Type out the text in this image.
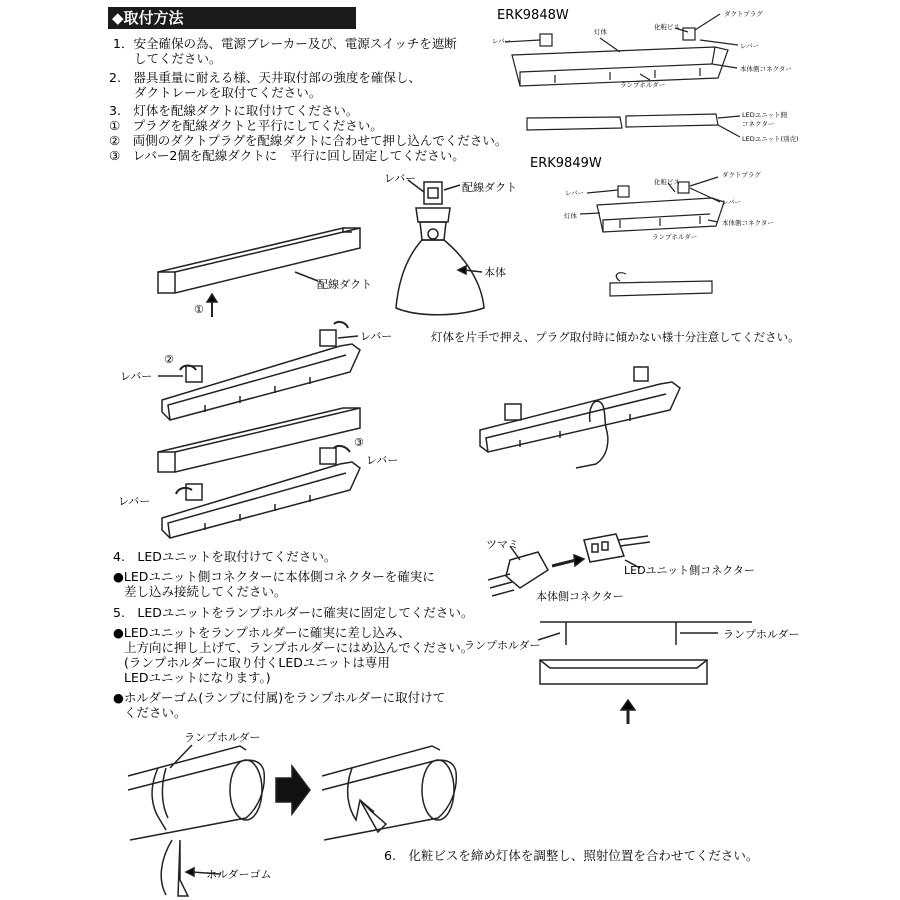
◆取付方法
1．安全確保の為、電源ブレーカー及び、電源スイッチを遮断
してください。
2.　器具重量に耐える様、天井取付部の強度を確保し、
ダクトレールを取付てください。
3.　灯体を配線ダクトに取付けてください。
①　プラグを配線ダクトと平行にしてください。
②　両側のダクトプラグを配線ダクトに合わせて押し込んでください。
③　レバー2個を配線ダクトに　平行に回し固定してください。
ERK9848W
ERK9849W
レバー
灯体
化粧ビス
ダクトプラグ
レバー
本体側コネクター
ランプホルダー
LEDユニット側
コネクター
LEDユニット(別売)
レバー
化粧ビス
ダクトプラグ
レバー
灯体
本体側コネクター
ランプホルダー
レバー
配線ダクト
本体
配線ダクト
①
②
レバー
レバー
③
レバー
レバー
灯体を片手で押え、プラグ取付時に傾かない様十分注意してください。
4.　LEDユニットを取付けてください。
●LEDユニット側コネクターに本体側コネクターを確実に
差し込み接続してください。
ツマミ
LEDユニット側コネクター
本体側コネクター
5.　LEDユニットをランプホルダーに確実に固定してください。
●LEDユニットをランプホルダーに確実に差し込み、
上方向に押し上げて、ランプホルダーにはめ込んでください。
(ランプホルダーに取り付くLEDユニットは専用
LEDユニットになります。)
●ホルダーゴム(ランプに付属)をランプホルダーに取付けて
ください。
ランプホルダー
ランプホルダー
ランプホルダー
ホルダーゴム
6.　化粧ビスを締め灯体を調整し、照射位置を合わせてください。
